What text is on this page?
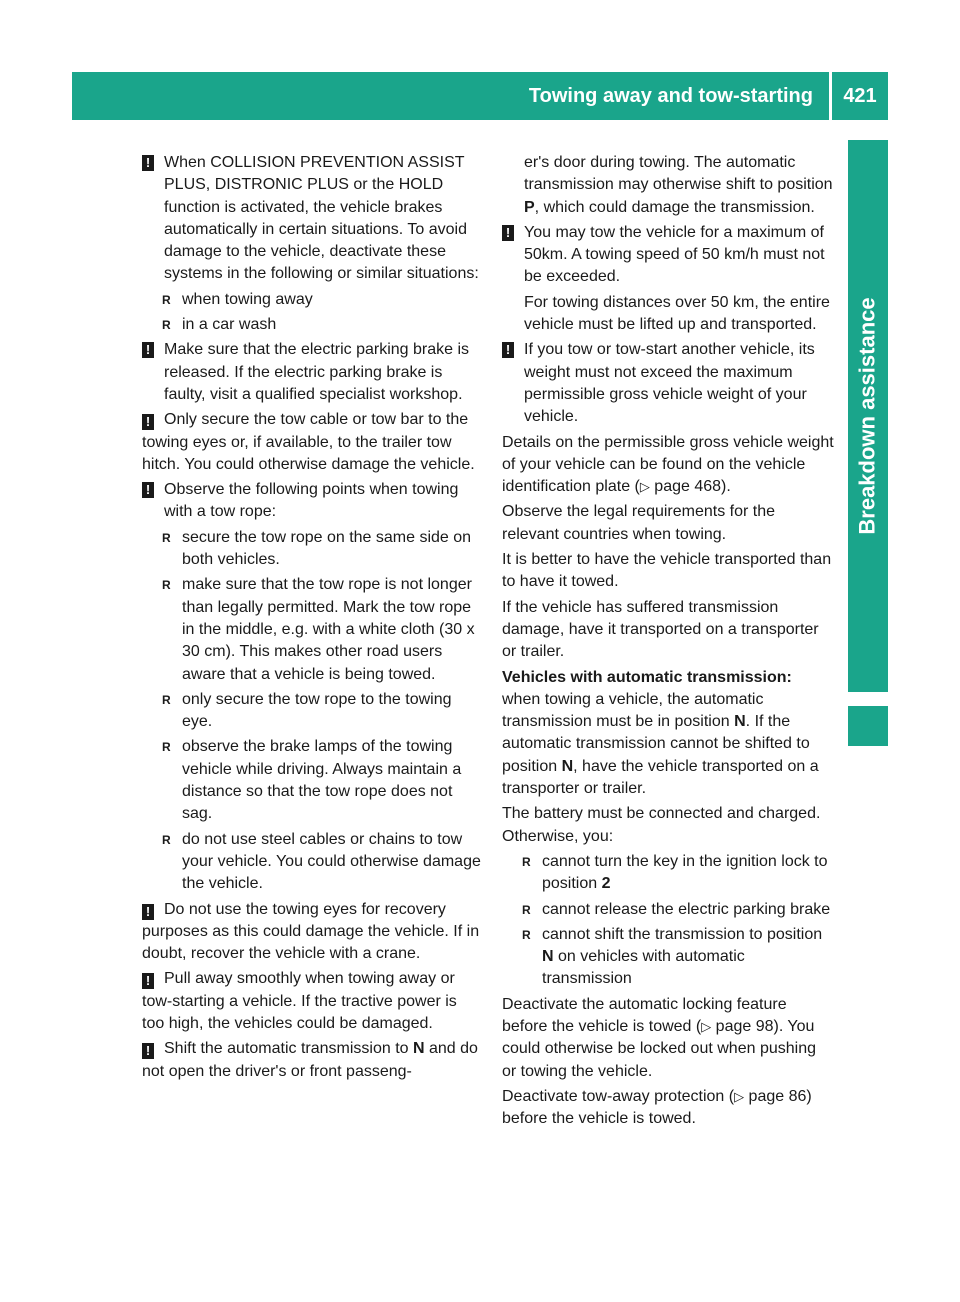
Towing away and tow-starting	421
Breakdown assistance

! When COLLISION PREVENTION ASSIST PLUS, DISTRONIC PLUS or the HOLD function is activated, the vehicle brakes automatically in certain situations. To avoid damage to the vehicle, deactivate these systems in the following or similar situations:

R when towing away
R in a car wash

! Make sure that the electric parking brake is released. If the electric parking brake is faulty, visit a qualified specialist workshop.

! Only secure the tow cable or tow bar to the towing eyes or, if available, to the trailer tow hitch. You could otherwise damage the vehicle.

! Observe the following points when towing with a tow rope:

R secure the tow rope on the same side on both vehicles.
R make sure that the tow rope is not longer than legally permitted. Mark the tow rope in the middle, e.g. with a white cloth (30 x 30 cm). This makes other road users aware that a vehicle is being towed.
R only secure the tow rope to the towing eye.
R observe the brake lamps of the towing vehicle while driving. Always maintain a distance so that the tow rope does not sag.
R do not use steel cables or chains to tow your vehicle. You could otherwise damage the vehicle.

! Do not use the towing eyes for recovery purposes as this could damage the vehicle. If in doubt, recover the vehicle with a crane.

! Pull away smoothly when towing away or tow-starting a vehicle. If the tractive power is too high, the vehicles could be damaged.

! Shift the automatic transmission to N and do not open the driver's or front passeng-

er's door during towing. The automatic transmission may otherwise shift to position P, which could damage the transmission.

! You may tow the vehicle for a maximum of 50km. A towing speed of 50 km/h must not be exceeded.

For towing distances over 50 km, the entire vehicle must be lifted up and transported.

! If you tow or tow-start another vehicle, its weight must not exceed the maximum permissible gross vehicle weight of your vehicle.

Details on the permissible gross vehicle weight of your vehicle can be found on the vehicle identification plate (▷ page 468).

Observe the legal requirements for the relevant countries when towing.

It is better to have the vehicle transported than to have it towed.

If the vehicle has suffered transmission damage, have it transported on a transporter or trailer.

Vehicles with automatic transmission:

when towing a vehicle, the automatic transmission must be in position N. If the automatic transmission cannot be shifted to position N, have the vehicle transported on a transporter or trailer.

The battery must be connected and charged. Otherwise, you:

R cannot turn the key in the ignition lock to position 2
R cannot release the electric parking brake
R cannot shift the transmission to position N on vehicles with automatic transmission

Deactivate the automatic locking feature before the vehicle is towed (▷ page 98). You could otherwise be locked out when pushing or towing the vehicle.

Deactivate tow-away protection (▷ page 86) before the vehicle is towed.
